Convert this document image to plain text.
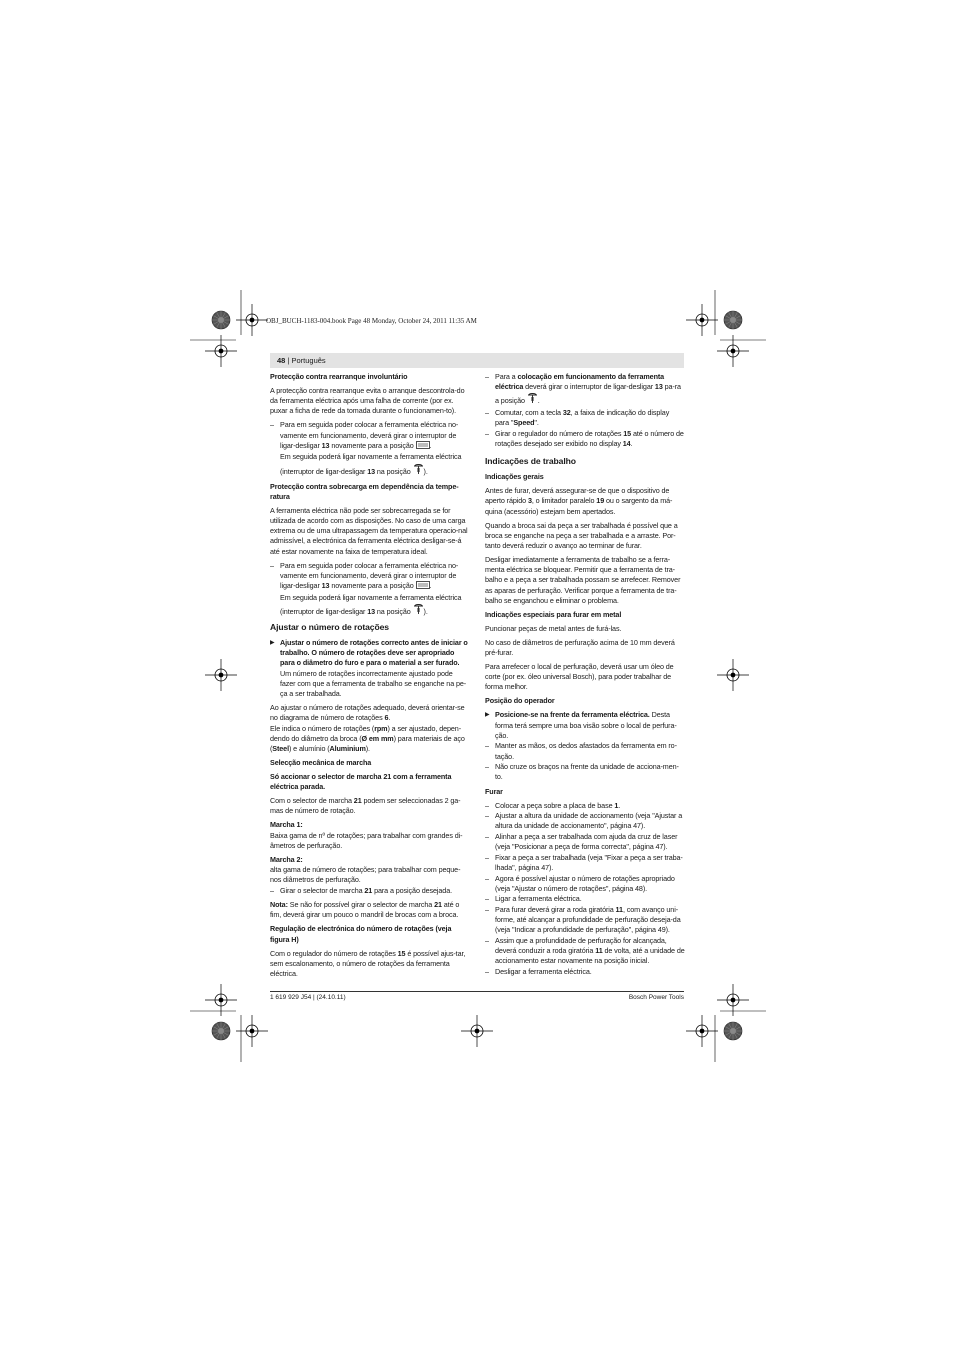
OBJ_BUCH-1183-004.book Page 48 Monday, October 24, 2011 11:35 AM
48 | Português

Protecção contra rearranque involuntário

A protecção contra rearranque evita o arranque descontrola-do da ferramenta eléctrica após uma falha de corrente (por ex. puxar a ficha de rede da tomada durante o funcionamen-to).

– Para em seguida poder colocar a ferramenta eléctrica no-vamente em funcionamento, deverá girar o interruptor de ligar-desligar 13 novamente para a posição .

Em seguida poderá ligar novamente a ferramenta eléctrica (interruptor de ligar-desligar 13 na posição ).

Protecção contra sobrecarga em dependência da tempe-ratura

A ferramenta eléctrica não pode ser sobrecarregada se for utilizada de acordo com as disposições. No caso de uma carga extrema ou de uma ultrapassagem da temperatura operacio-nal admissível, a electrónica da ferramenta eléctrica desligar-se-á até estar novamente na faixa de temperatura ideal.

– Para em seguida poder colocar a ferramenta eléctrica no-vamente em funcionamento, deverá girar o interruptor de ligar-desligar 13 novamente para a posição .

Em seguida poderá ligar novamente a ferramenta eléctrica (interruptor de ligar-desligar 13 na posição ).

Ajustar o número de rotações
▶ Ajustar o número de rotações correcto antes de iniciar o trabalho. O número de rotações deve ser apropriado para o diâmetro do furo e para o material a ser furado. Um número de rotações incorrectamente ajustado pode fazer com que a ferramenta de trabalho se enganche na pe-ça a ser trabalhada.

Ao ajustar o número de rotações adequado, deverá orientar-se no diagrama de número de rotações 6.
Ele indica o número de rotações (rpm) a ser ajustado, depen-dendo do diâmetro da broca (Ø em mm) para materiais de aço (Steel) e alumínio (Aluminium).

Selecção mecânica de marcha

Só accionar o selector de marcha 21 com a ferramenta eléctrica parada.

Com o selector de marcha 21 podem ser seleccionadas 2 ga-mas de número de rotação.

Marcha 1:

Baixa gama de nº de rotações; para trabalhar com grandes di-âmetros de perfuração.

Marcha 2:

alta gama de número de rotações; para trabalhar com peque-nos diâmetros de perfuração.

– Girar o selector de marcha 21 para a posição desejada.

Nota: Se não for possível girar o selector de marcha 21 até o fim, deverá girar um pouco o mandril de brocas com a broca.

Regulação de electrónica do número de rotações (veja figura H)

Com o regulador do número de rotações 15 é possível ajus-tar, sem escalonamento, o número de rotações da ferramenta eléctrica.

– Para a colocação em funcionamento da ferramenta eléctrica deverá girar o interruptor de ligar-desligar 13 pa-ra a posição .
– Comutar, com a tecla 32, a faixa de indicação do display para "Speed".
– Girar o regulador do número de rotações 15 até o número de rotações desejado ser exibido no display 14.
Indicações de trabalho

Indicações gerais

Antes de furar, deverá assegurar-se de que o dispositivo de aperto rápido 3, o limitador paralelo 19 ou o sargento da má-quina (acessório) estejam bem apertados.

Quando a broca sai da peça a ser trabalhada é possível que a broca se enganche na peça a ser trabalhada e a arraste. Por-tanto deverá reduzir o avanço ao terminar de furar.

Desligar imediatamente a ferramenta de trabalho se a ferra-menta eléctrica se bloquear. Permitir que a ferramenta de tra-balho e a peça a ser trabalhada possam se arrefecer. Remover as aparas de perfuração. Verificar porque a ferramenta de tra-balho se enganchou e eliminar o problema.

Indicações especiais para furar em metal

Puncionar peças de metal antes de furá-las.

No caso de diâmetros de perfuração acima de 10 mm deverá pré-furar.

Para arrefecer o local de perfuração, deverá usar um óleo de corte (por ex. óleo universal Bosch), para poder trabalhar de forma melhor.

Posição do operador

▶ Posicione-se na frente da ferramenta eléctrica. Desta forma terá sempre uma boa visão sobre o local de perfura-ção.
– Manter as mãos, os dedos afastados da ferramenta em ro-tação.
– Não cruze os braços na frente da unidade de acciona-men-to.

Furar

– Colocar a peça sobre a placa de base 1.
– Ajustar a altura da unidade de accionamento (veja "Ajustar a altura da unidade de accionamento", página 47).
– Alinhar a peça a ser trabalhada com ajuda da cruz de laser (veja "Posicionar a peça de forma correcta", página 47).
– Fixar a peça a ser trabalhada (veja "Fixar a peça a ser traba-lhada", página 47).
– Agora é possível ajustar o número de rotações apropriado (veja "Ajustar o número de rotações", página 48).
– Ligar a ferramenta eléctrica.
– Para furar deverá girar a roda giratória 11, com avanço uni-forme, até alcançar a profundidade de perfuração deseja-da (veja "Indicar a profundidade de perfuração", página 49).
– Assim que a profundidade de perfuração for alcançada, deverá conduzir a roda giratória 11 de volta, até a unidade de accionamento estar novamente na posição inicial.
– Desligar a ferramenta eléctrica.
1 619 929 J54 | (24.10.11)	Bosch Power Tools
